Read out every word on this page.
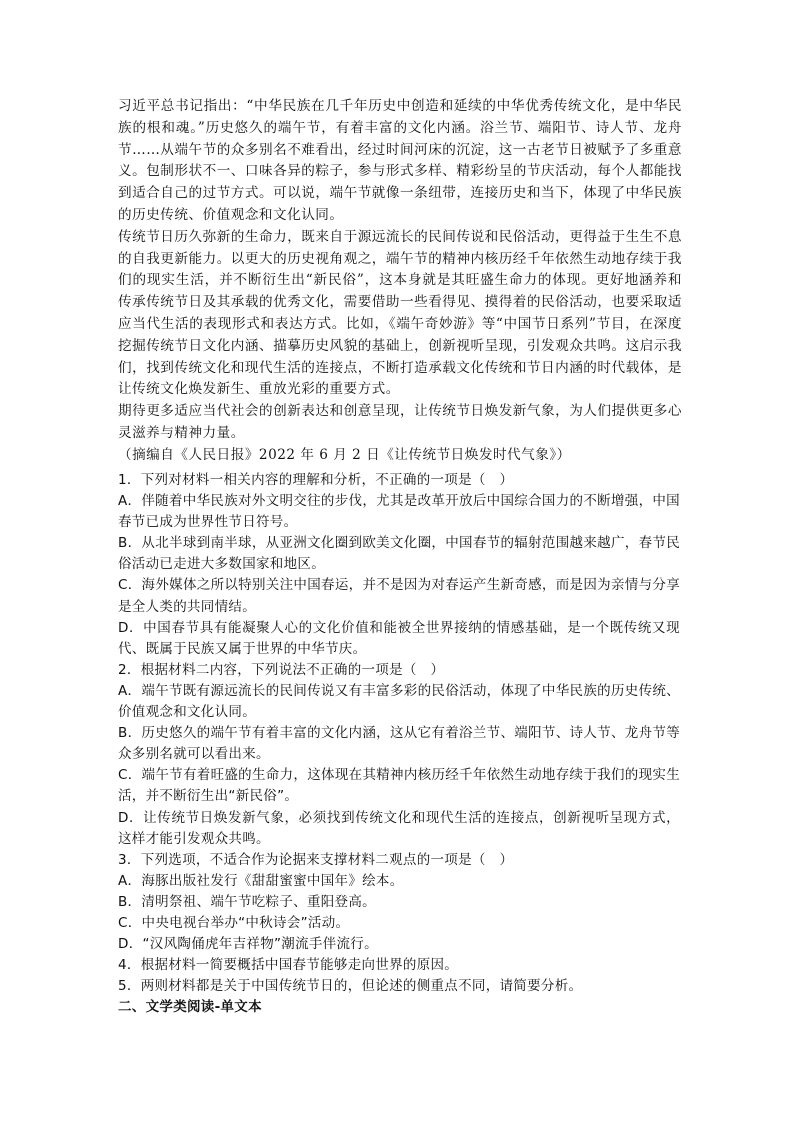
习近平总书记指出：“中华民族在几千年历史中创造和延续的中华优秀传统文化，是中华民族的根和魂。”历史悠久的端午节，有着丰富的文化内涵。浴兰节、端阳节、诗人节、龙舟节……从端午节的众多别名不难看出，经过时间河床的沉淀，这一古老节日被赋予了多重意义。包制形状不一、口味各异的粽子，参与形式多样、精彩纷呈的节庆活动，每个人都能找到适合自己的过节方式。可以说，端午节就像一条纽带，连接历史和当下，体现了中华民族的历史传统、价值观念和文化认同。

传统节日历久弥新的生命力，既来自于源远流长的民间传说和民俗活动，更得益于生生不息的自我更新能力。以更大的历史视角观之，端午节的精神内核历经千年依然生动地存续于我们的现实生活，并不断衍生出“新民俗”，这本身就是其旺盛生命力的体现。更好地涵养和传承传统节日及其承载的优秀文化，需要借助一些看得见、摸得着的民俗活动，也要采取适应当代生活的表现形式和表达方式。比如，《端午奇妙游》等“中国节日系列”节目，在深度挖掘传统节日文化内涵、描摹历史风貌的基础上，创新视听呈现，引发观众共鸣。这启示我们，找到传统文化和现代生活的连接点，不断打造承载文化传统和节日内涵的时代载体，是让传统文化焕发新生、重放光彩的重要方式。

期待更多适应当代社会的创新表达和创意呈现，让传统节日焕发新气象，为人们提供更多心灵滋养与精神力量。

（摘编自《人民日报》2022 年 6 月 2 日《让传统节日焕发时代气象》）

1．下列对材料一相关内容的理解和分析，不正确的一项是（　）

A．伴随着中华民族对外文明交往的步伐，尤其是改革开放后中国综合国力的不断增强，中国春节已成为世界性节日符号。

B．从北半球到南半球，从亚洲文化圈到欧美文化圈，中国春节的辐射范围越来越广，春节民俗活动已走进大多数国家和地区。

C．海外媒体之所以特别关注中国春运，并不是因为对春运产生新奇感，而是因为亲情与分享是全人类的共同情结。

D．中国春节具有能凝聚人心的文化价值和能被全世界接纳的情感基础，是一个既传统又现代、既属于民族又属于世界的中华节庆。

2．根据材料二内容，下列说法不正确的一项是（　）

A．端午节既有源远流长的民间传说又有丰富多彩的民俗活动，体现了中华民族的历史传统、价值观念和文化认同。

B．历史悠久的端午节有着丰富的文化内涵，这从它有着浴兰节、端阳节、诗人节、龙舟节等众多别名就可以看出来。

C．端午节有着旺盛的生命力，这体现在其精神内核历经千年依然生动地存续于我们的现实生活，并不断衍生出“新民俗”。

D．让传统节日焕发新气象，必须找到传统文化和现代生活的连接点，创新视听呈现方式，这样才能引发观众共鸣。

3．下列选项，不适合作为论据来支撑材料二观点的一项是（　）

A．海豚出版社发行《甜甜蜜蜜中国年》绘本。

B．清明祭祖、端午节吃粽子、重阳登高。

C．中央电视台举办“中秋诗会”活动。

D．“汉风陶俑虎年吉祥物”潮流手伴流行。

4．根据材料一简要概括中国春节能够走向世界的原因。

5．两则材料都是关于中国传统节日的，但论述的侧重点不同，请简要分析。

二、文学类阅读-单文本
